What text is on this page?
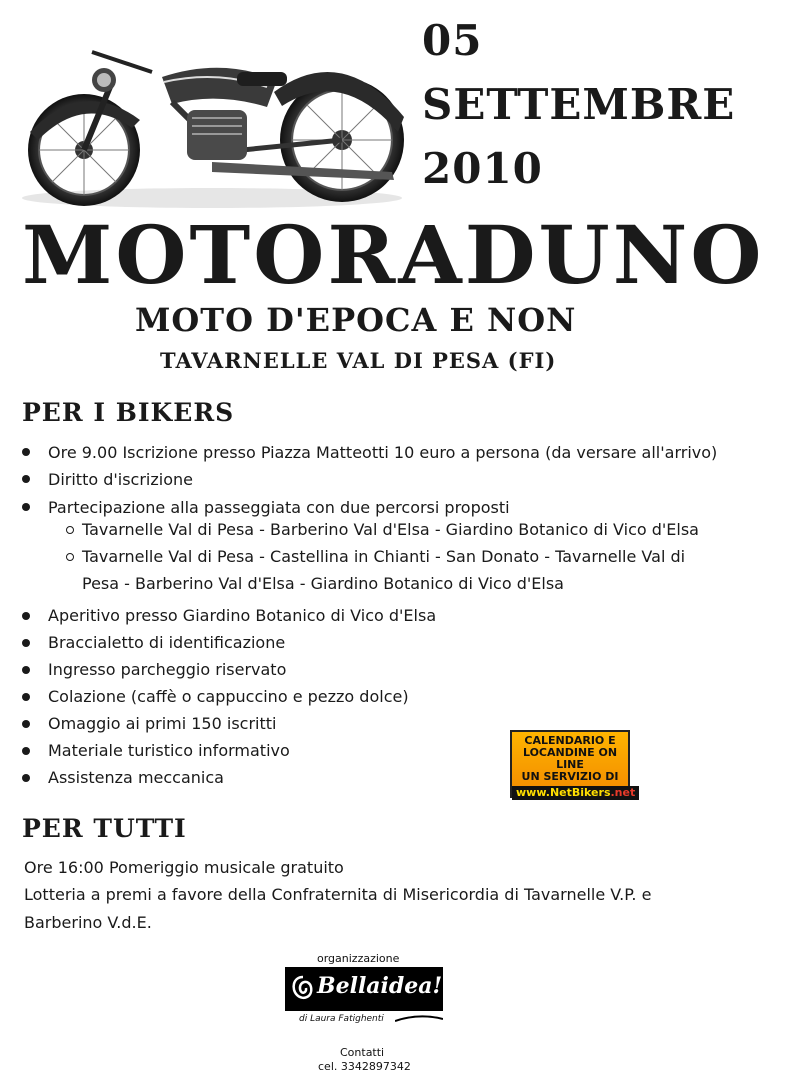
05
SETTEMBRE
2010
MOTORADUNO
MOTO D'EPOCA E NON
TAVARNELLE VAL DI PESA (FI)
PER I BIKERS
Ore 9.00 Iscrizione presso Piazza Matteotti 10 euro a persona (da versare all'arrivo)
Diritto d'iscrizione
Partecipazione alla passeggiata con due percorsi proposti
Tavarnelle Val di Pesa - Barberino Val d'Elsa - Giardino Botanico di Vico d'Elsa
Tavarnelle Val di Pesa - Castellina in Chianti - San Donato - Tavarnelle Val di
Pesa - Barberino Val d'Elsa - Giardino Botanico di Vico d'Elsa
Aperitivo presso Giardino Botanico di Vico d'Elsa
Braccialetto di identificazione
Ingresso parcheggio riservato
Colazione (caffè o cappuccino e pezzo dolce)
Omaggio ai primi 150 iscritti
Materiale turistico informativo
Assistenza meccanica
CALENDARIO E
LOCANDINE ON LINE
UN SERVIZIO DI
www.NetBikers.net
PER TUTTI
Ore 16:00 Pomeriggio musicale gratuito
Lotteria a premi a favore della Confraternita di Misericordia di Tavarnelle V.P. e
Barberino V.d.E.
organizzazione
Bellaidea!
di Laura Fatighenti
Contatti
cel. 3342897342
